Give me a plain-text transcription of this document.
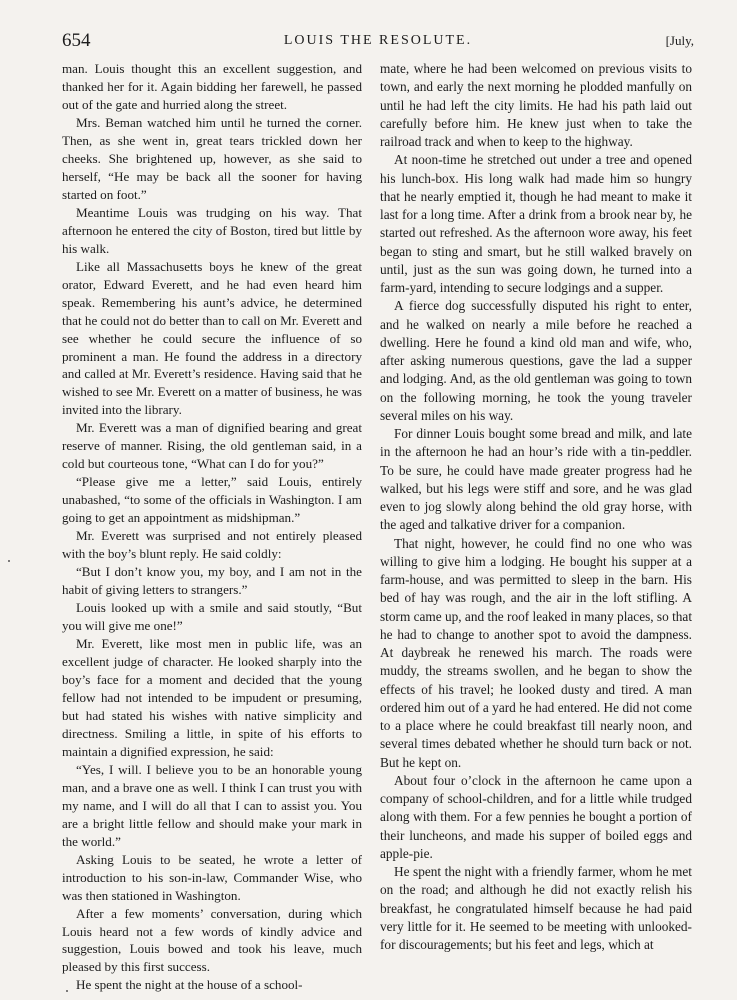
654	LOUIS THE RESOLUTE.	[July,

man. Louis thought this an excellent suggestion, and thanked her for it. Again bidding her farewell, he passed out of the gate and hurried along the street.

Mrs. Beman watched him until he turned the corner. Then, as she went in, great tears trickled down her cheeks. She brightened up, however, as she said to herself, “He may be back all the sooner for having started on foot.”

Meantime Louis was trudging on his way. That afternoon he entered the city of Boston, tired but little by his walk.

Like all Massachusetts boys he knew of the great orator, Edward Everett, and he had even heard him speak. Remembering his aunt’s advice, he determined that he could not do better than to call on Mr. Everett and see whether he could secure the influence of so prominent a man. He found the address in a directory and called at Mr. Everett’s residence. Having said that he wished to see Mr. Everett on a matter of business, he was invited into the library.

Mr. Everett was a man of dignified bearing and great reserve of manner. Rising, the old gentleman said, in a cold but courteous tone, “What can I do for you?”

“Please give me a letter,” said Louis, entirely unabashed, “to some of the officials in Washington. I am going to get an appointment as midshipman.”

Mr. Everett was surprised and not entirely pleased with the boy’s blunt reply. He said coldly:

“But I don’t know you, my boy, and I am not in the habit of giving letters to strangers.”

Louis looked up with a smile and said stoutly, “But you will give me one!”

Mr. Everett, like most men in public life, was an excellent judge of character. He looked sharply into the boy’s face for a moment and decided that the young fellow had not intended to be impudent or presuming, but had stated his wishes with native simplicity and directness. Smiling a little, in spite of his efforts to maintain a dignified expression, he said:

“Yes, I will. I believe you to be an honorable young man, and a brave one as well. I think I can trust you with my name, and I will do all that I can to assist you. You are a bright little fellow and should make your mark in the world.”

Asking Louis to be seated, he wrote a letter of introduction to his son-in-law, Commander Wise, who was then stationed in Washington.

After a few moments’ conversation, during which Louis heard not a few words of kindly advice and suggestion, Louis bowed and took his leave, much pleased by this first success.

He spent the night at the house of a school-

mate, where he had been welcomed on previous visits to town, and early the next morning he plodded manfully on until he had left the city limits. He had his path laid out carefully before him. He knew just when to take the railroad track and when to keep to the highway.

At noon-time he stretched out under a tree and opened his lunch-box. His long walk had made him so hungry that he nearly emptied it, though he had meant to make it last for a long time. After a drink from a brook near by, he started out refreshed. As the afternoon wore away, his feet began to sting and smart, but he still walked bravely on until, just as the sun was going down, he turned into a farm-yard, intending to secure lodgings and a supper.

A fierce dog successfully disputed his right to enter, and he walked on nearly a mile before he reached a dwelling. Here he found a kind old man and wife, who, after asking numerous questions, gave the lad a supper and lodging. And, as the old gentleman was going to town on the following morning, he took the young traveler several miles on his way.

For dinner Louis bought some bread and milk, and late in the afternoon he had an hour’s ride with a tin-peddler. To be sure, he could have made greater progress had he walked, but his legs were stiff and sore, and he was glad even to jog slowly along behind the old gray horse, with the aged and talkative driver for a companion.

That night, however, he could find no one who was willing to give him a lodging. He bought his supper at a farm-house, and was permitted to sleep in the barn. His bed of hay was rough, and the air in the loft stifling. A storm came up, and the roof leaked in many places, so that he had to change to another spot to avoid the dampness. At daybreak he renewed his march. The roads were muddy, the streams swollen, and he began to show the effects of his travel; he looked dusty and tired. A man ordered him out of a yard he had entered. He did not come to a place where he could breakfast till nearly noon, and several times debated whether he should turn back or not. But he kept on.

About four o’clock in the afternoon he came upon a company of school-children, and for a little while trudged along with them. For a few pennies he bought a portion of their luncheons, and made his supper of boiled eggs and apple-pie.

He spent the night with a friendly farmer, whom he met on the road; and although he did not exactly relish his breakfast, he congratulated himself because he had paid very little for it. He seemed to be meeting with unlooked-for discouragements; but his feet and legs, which at
